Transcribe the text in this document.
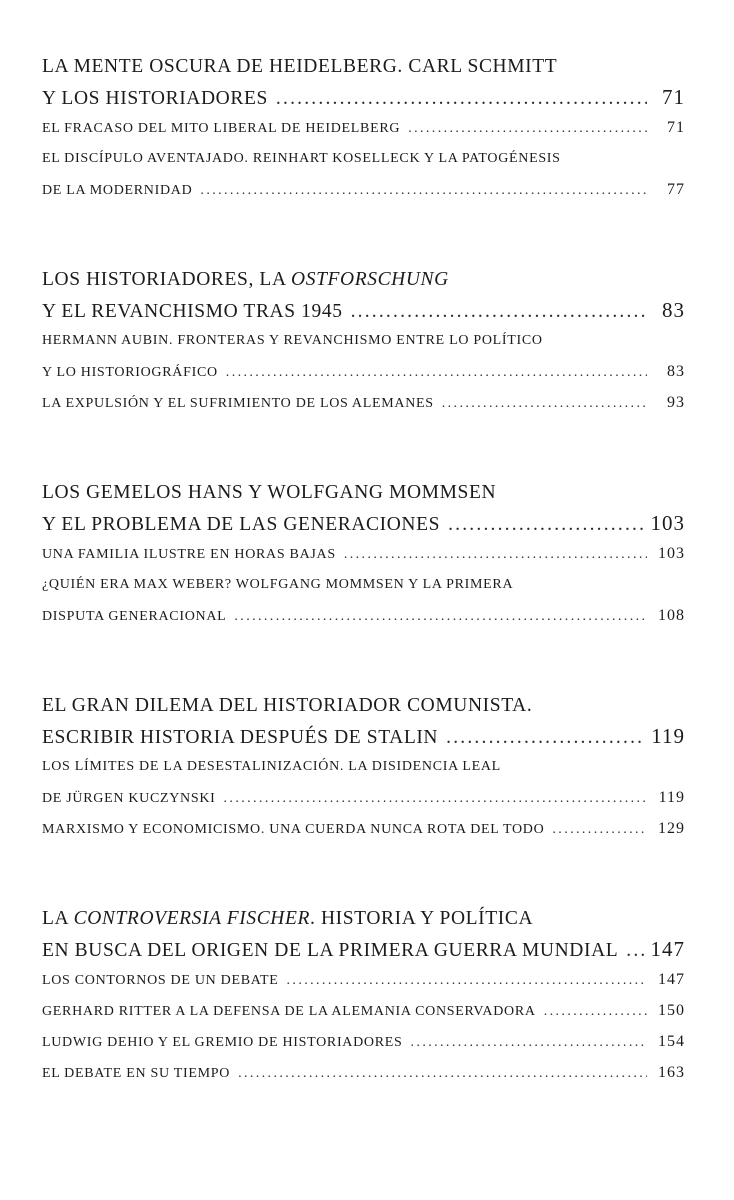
LA MENTE OSCURA DE HEIDELBERG. CARL SCHMITT
Y LOS HISTORIADORES .....	71
EL FRACASO DEL MITO LIBERAL DE HEIDELBERG .....	71
EL DISCÍPULO AVENTAJADO. REINHART KOSELLECK Y LA PATOGÉNESIS
DE LA MODERNIDAD .....	77
LOS HISTORIADORES, LA OSTFORSCHUNG
Y EL REVANCHISMO TRAS 1945 .....	83
HERMANN AUBIN. FRONTERAS Y REVANCHISMO ENTRE LO POLÍTICO
Y LO HISTORIOGRÁFICO .....	83
LA EXPULSIÓN Y EL SUFRIMIENTO DE LOS ALEMANES .....	93
LOS GEMELOS HANS Y WOLFGANG MOMMSEN
Y EL PROBLEMA DE LAS GENERACIONES .....	103
UNA FAMILIA ILUSTRE EN HORAS BAJAS .....	103
¿QUIÉN ERA MAX WEBER? WOLFGANG MOMMSEN Y LA PRIMERA
DISPUTA GENERACIONAL .....	108
EL GRAN DILEMA DEL HISTORIADOR COMUNISTA.
ESCRIBIR HISTORIA DESPUÉS DE STALIN .....	119
LOS LÍMITES DE LA DESESTALINIZACIÓN. LA DISIDENCIA LEAL
DE JÜRGEN KUCZYNSKI .....	119
MARXISMO Y ECONOMICISMO. UNA CUERDA NUNCA ROTA DEL TODO .....	129
LA CONTROVERSIA FISCHER. HISTORIA Y POLÍTICA
EN BUSCA DEL ORIGEN DE LA PRIMERA GUERRA MUNDIAL ..... 147
LOS CONTORNOS DE UN DEBATE .....	147
GERHARD RITTER A LA DEFENSA DE LA ALEMANIA CONSERVADORA .....	150
LUDWIG DEHIO Y EL GREMIO DE HISTORIADORES .....	154
EL DEBATE EN SU TIEMPO .....	163
